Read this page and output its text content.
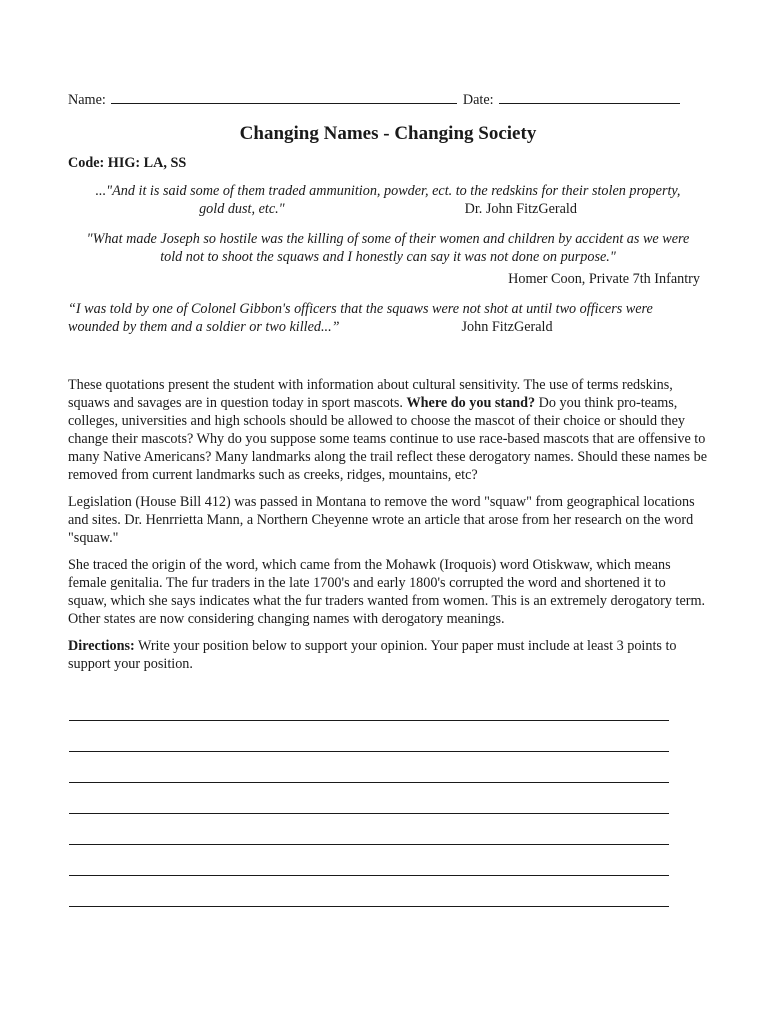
Name:	Date:
Changing Names - Changing Society
Code: HIG: LA, SS
..."And it is said some of them traded ammunition, powder, ect. to the redskins for their stolen property,
gold dust, etc."	Dr. John FitzGerald
"What made Joseph so hostile was the killing of some of their women and children by accident as we were told not to shoot the squaws and I honestly can say it was not done on purpose."
Homer Coon, Private 7th Infantry
“I was told by one of Colonel Gibbon's officers that the squaws were not shot at until two officers were
wounded by them and a soldier or two killed...”	John FitzGerald
These quotations present the student with information about cultural sensitivity. The use of terms redskins, squaws and savages are in question today in sport mascots. Where do you stand? Do you think pro-teams, colleges, universities and high schools should be allowed to choose the mascot of their choice or should they change their mascots? Why do you suppose some teams continue to use race-based mascots that are offensive to many Native Americans? Many landmarks along the trail reflect these derogatory names. Should these names be removed from current landmarks such as creeks, ridges, mountains, etc?
Legislation (House Bill 412) was passed in Montana to remove the word "squaw" from geographical locations and sites. Dr. Henrrietta Mann, a Northern Cheyenne wrote an article that arose from her research on the word "squaw."
She traced the origin of the word, which came from the Mohawk (Iroquois) word Otiskwaw, which means female genitalia. The fur traders in the late 1700's and early 1800's corrupted the word and shortened it to squaw, which she says indicates what the fur traders wanted from women. This is an extremely derogatory term. Other states are now considering changing names with derogatory meanings.
Directions: Write your position below to support your opinion. Your paper must include at least 3 points to support your position.
